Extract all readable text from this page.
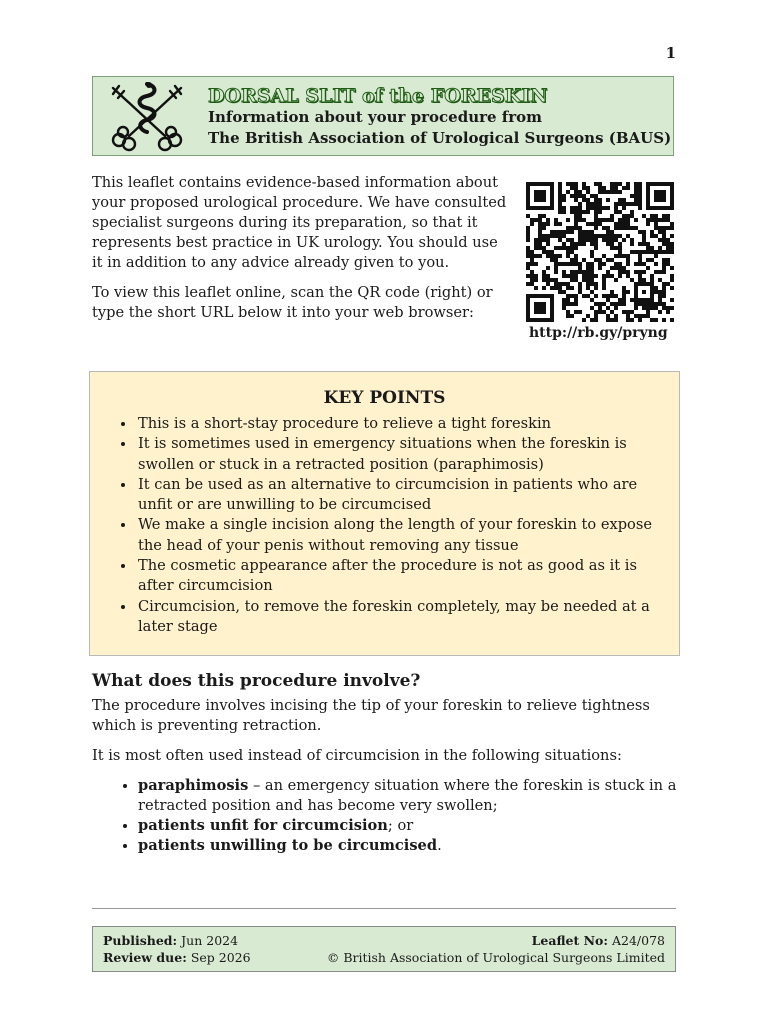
1
DORSAL SLIT of the FORESKIN
Information about your procedure from
The British Association of Urological Surgeons (BAUS)

This leaflet contains evidence-based information about your proposed urological procedure. We have consulted specialist surgeons during its preparation, so that it represents best practice in UK urology. You should use it in addition to any advice already given to you.

To view this leaflet online, scan the QR code (right) or type the short URL below it into your web browser:

http://rb.gy/pryng
KEY POINTS
• This is a short-stay procedure to relieve a tight foreskin
• It is sometimes used in emergency situations when the foreskin is swollen or stuck in a retracted position (paraphimosis)
• It can be used as an alternative to circumcision in patients who are unfit or are unwilling to be circumcised
• We make a single incision along the length of your foreskin to expose the head of your penis without removing any tissue
• The cosmetic appearance after the procedure is not as good as it is after circumcision
• Circumcision, to remove the foreskin completely, may be needed at a later stage
What does this procedure involve?

The procedure involves incising the tip of your foreskin to relieve tightness which is preventing retraction.

It is most often used instead of circumcision in the following situations:

• paraphimosis – an emergency situation where the foreskin is stuck in a retracted position and has become very swollen;
• patients unfit for circumcision; or
• patients unwilling to be circumcised.
Published: Jun 2024
Review due: Sep 2026
Leaflet No: A24/078
© British Association of Urological Surgeons Limited
